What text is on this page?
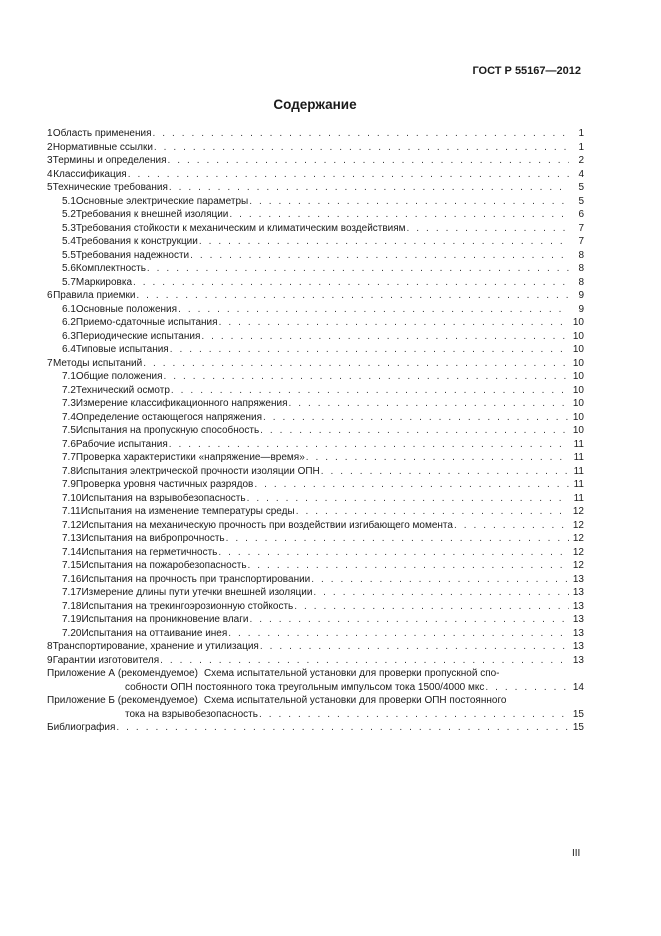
ГОСТ Р 55167—2012
Содержание
1 Область применения . . .	1
2 Нормативные ссылки . . .	1
3 Термины и определения . . .	2
4 Классификация . . .	4
5 Технические требования . . .	5
5.1 Основные электрические параметры . . .	5
5.2 Требования к внешней изоляции . . .	6
5.3 Требования стойкости к механическим и климатическим воздействиям . . .	7
5.4 Требования к конструкции . . .	7
5.5 Требования надежности . . .	8
5.6 Комплектность . . .	8
5.7 Маркировка . . .	8
6 Правила приемки . . .	9
6.1 Основные положения . . .	9
6.2 Приемо-сдаточные испытания . . .	10
6.3 Периодические испытания . . .	10
6.4 Типовые испытания . . .	10
7 Методы испытаний . . .	10
7.1 Общие положения . . .	10
7.2 Технический осмотр . . .	10
7.3 Измерение классификационного напряжения . . .	10
7.4 Определение остающегося напряжения . . .	10
7.5 Испытания на пропускную способность . . .	10
7.6 Рабочие испытания . . .	11
7.7 Проверка характеристики «напряжение—время» . . .	11
7.8 Испытания электрической прочности изоляции ОПН . . .	11
7.9 Проверка уровня частичных разрядов . . .	11
7.10 Испытания на взрывобезопасность . . .	11
7.11 Испытания на изменение температуры среды . . .	12
7.12 Испытания на механическую прочность при воздействии изгибающего момента . . .	12
7.13 Испытания на вибропрочность . . .	12
7.14 Испытания на герметичность . . .	12
7.15 Испытания на пожаробезопасность . . .	12
7.16 Испытания на прочность при транспортировании . . .	13
7.17 Измерение длины пути утечки внешней изоляции . . .	13
7.18 Испытания на трекингоэрозионную стойкость . . .	13
7.19 Испытания на проникновение влаги . . .	13
7.20 Испытания на оттаивание инея . . .	13
8 Транспортирование, хранение и утилизация . . .	13
9 Гарантии изготовителя . . .	13
Приложение А (рекомендуемое) Схема испытательной установки для проверки пропускной спо-
собности ОПН постоянного тока треугольным импульсом тока 1500/4000 мкс . . .	14
Приложение Б (рекомендуемое) Схема испытательной установки для проверки ОПН постоянного
тока на взрывобезопасность . . .	15
Библиография . . .	15
III
